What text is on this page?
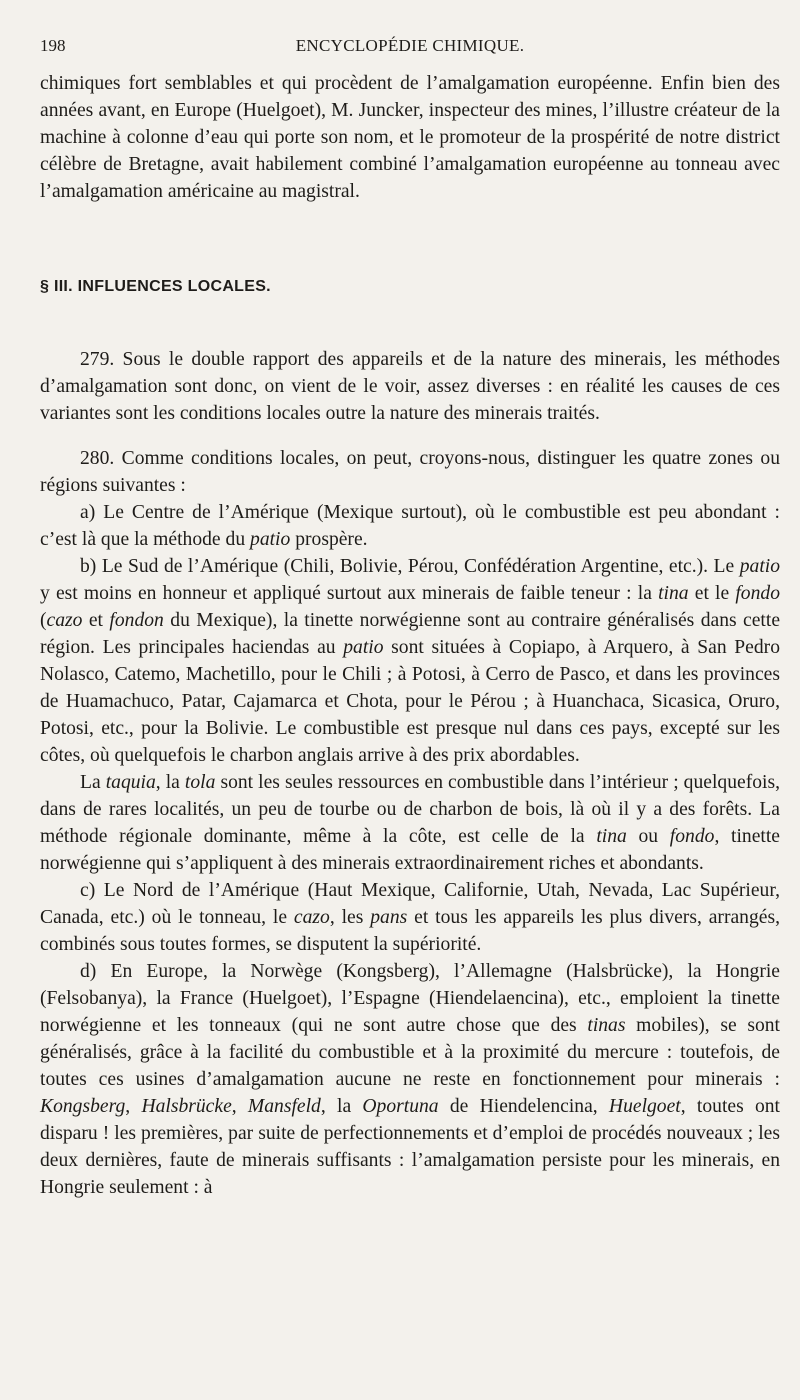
198	ENCYCLOPÉDIE CHIMIQUE.

chimiques fort semblables et qui procèdent de l’amalgamation européenne. Enfin bien des années avant, en Europe (Huelgoet), M. Juncker, inspecteur des mines, l’illustre créateur de la machine à colonne d’eau qui porte son nom, et le promoteur de la prospérité de notre district célèbre de Bretagne, avait habilement combiné l’amalgamation européenne au tonneau avec l’amalgamation américaine au magistral.

§ III. INFLUENCES LOCALES.

279. Sous le double rapport des appareils et de la nature des minerais, les méthodes d’amalgamation sont donc, on vient de le voir, assez diverses : en réalité les causes de ces variantes sont les conditions locales outre la nature des minerais traités.

280. Comme conditions locales, on peut, croyons-nous, distinguer les quatre zones ou régions suivantes :

a) Le Centre de l’Amérique (Mexique surtout), où le combustible est peu abondant : c’est là que la méthode du patio prospère.

b) Le Sud de l’Amérique (Chili, Bolivie, Pérou, Confédération Argentine, etc.). Le patio y est moins en honneur et appliqué surtout aux minerais de faible teneur : la tina et le fondo (cazo et fondon du Mexique), la tinette norwégienne sont au contraire généralisés dans cette région. Les principales haciendas au patio sont situées à Copiapo, à Arquero, à San Pedro Nolasco, Catemo, Machetillo, pour le Chili ; à Potosi, à Cerro de Pasco, et dans les provinces de Huamachuco, Patar, Cajamarca et Chota, pour le Pérou ; à Huanchaca, Sicasica, Oruro, Potosi, etc., pour la Bolivie. Le combustible est presque nul dans ces pays, excepté sur les côtes, où quelquefois le charbon anglais arrive à des prix abordables.

La taquia, la tola sont les seules ressources en combustible dans l’intérieur ; quelquefois, dans de rares localités, un peu de tourbe ou de charbon de bois, là où il y a des forêts. La méthode régionale dominante, même à la côte, est celle de la tina ou fondo, tinette norwégienne qui s’appliquent à des minerais extraordinairement riches et abondants.

c) Le Nord de l’Amérique (Haut Mexique, Californie, Utah, Nevada, Lac Supérieur, Canada, etc.) où le tonneau, le cazo, les pans et tous les appareils les plus divers, arrangés, combinés sous toutes formes, se disputent la supériorité.

d) En Europe, la Norwège (Kongsberg), l’Allemagne (Halsbrücke), la Hongrie (Felsobanya), la France (Huelgoet), l’Espagne (Hiendelaencina), etc., emploient la tinette norwégienne et les tonneaux (qui ne sont autre chose que des tinas mobiles), se sont généralisés, grâce à la facilité du combustible et à la proximité du mercure : toutefois, de toutes ces usines d’amalgamation aucune ne reste en fonctionnement pour minerais : Kongsberg, Halsbrücke, Mansfeld, la Oportuna de Hiendelencina, Huelgoet, toutes ont disparu ! les premières, par suite de perfectionnements et d’emploi de procédés nouveaux ; les deux dernières, faute de minerais suffisants : l’amalgamation persiste pour les minerais, en Hongrie seulement : à
